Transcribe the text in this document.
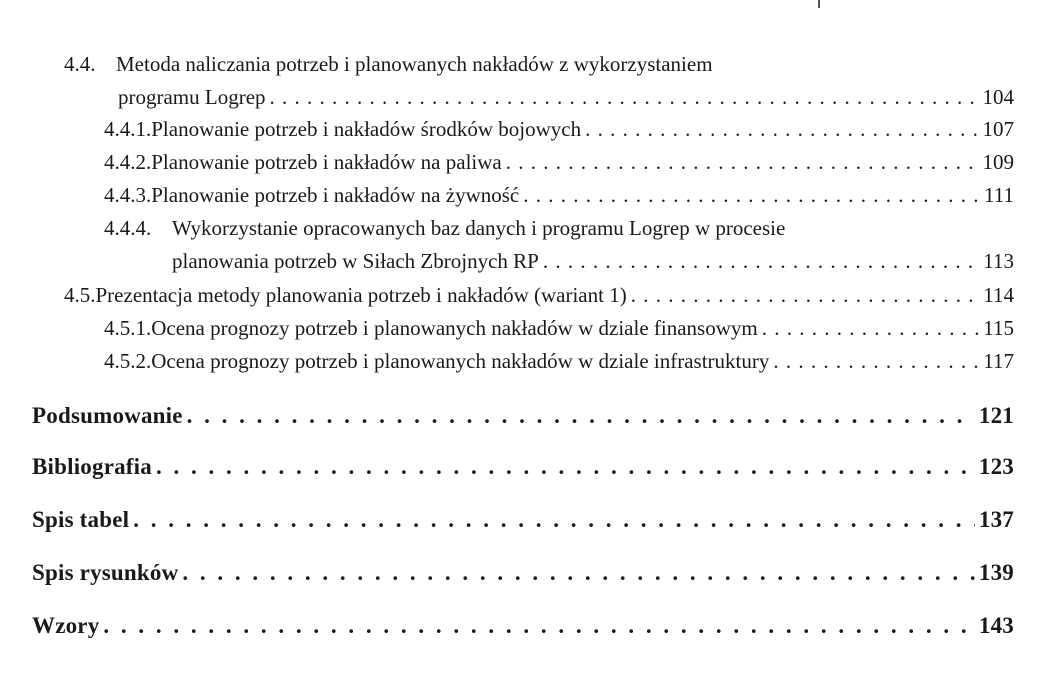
4.4. Metoda naliczania potrzeb i planowanych nakładów z wykorzystaniem
programu Logrep . . .	104
4.4.1. Planowanie potrzeb i nakładów środków bojowych . . .	107
4.4.2. Planowanie potrzeb i nakładów na paliwa . . .	109
4.4.3. Planowanie potrzeb i nakładów na żywność . . .	111
4.4.4. Wykorzystanie opracowanych baz danych i programu Logrep w procesie
planowania potrzeb w Siłach Zbrojnych RP . . .	113
4.5. Prezentacja metody planowania potrzeb i nakładów (wariant 1) . . .	114
4.5.1. Ocena prognozy potrzeb i planowanych nakładów w dziale finansowym . . .	115
4.5.2. Ocena prognozy potrzeb i planowanych nakładów w dziale infrastruktury . . .	117
Podsumowanie . . .	121
Bibliografia . . .	123
Spis tabel . . .	137
Spis rysunków . . .	139
Wzory . . .	143
